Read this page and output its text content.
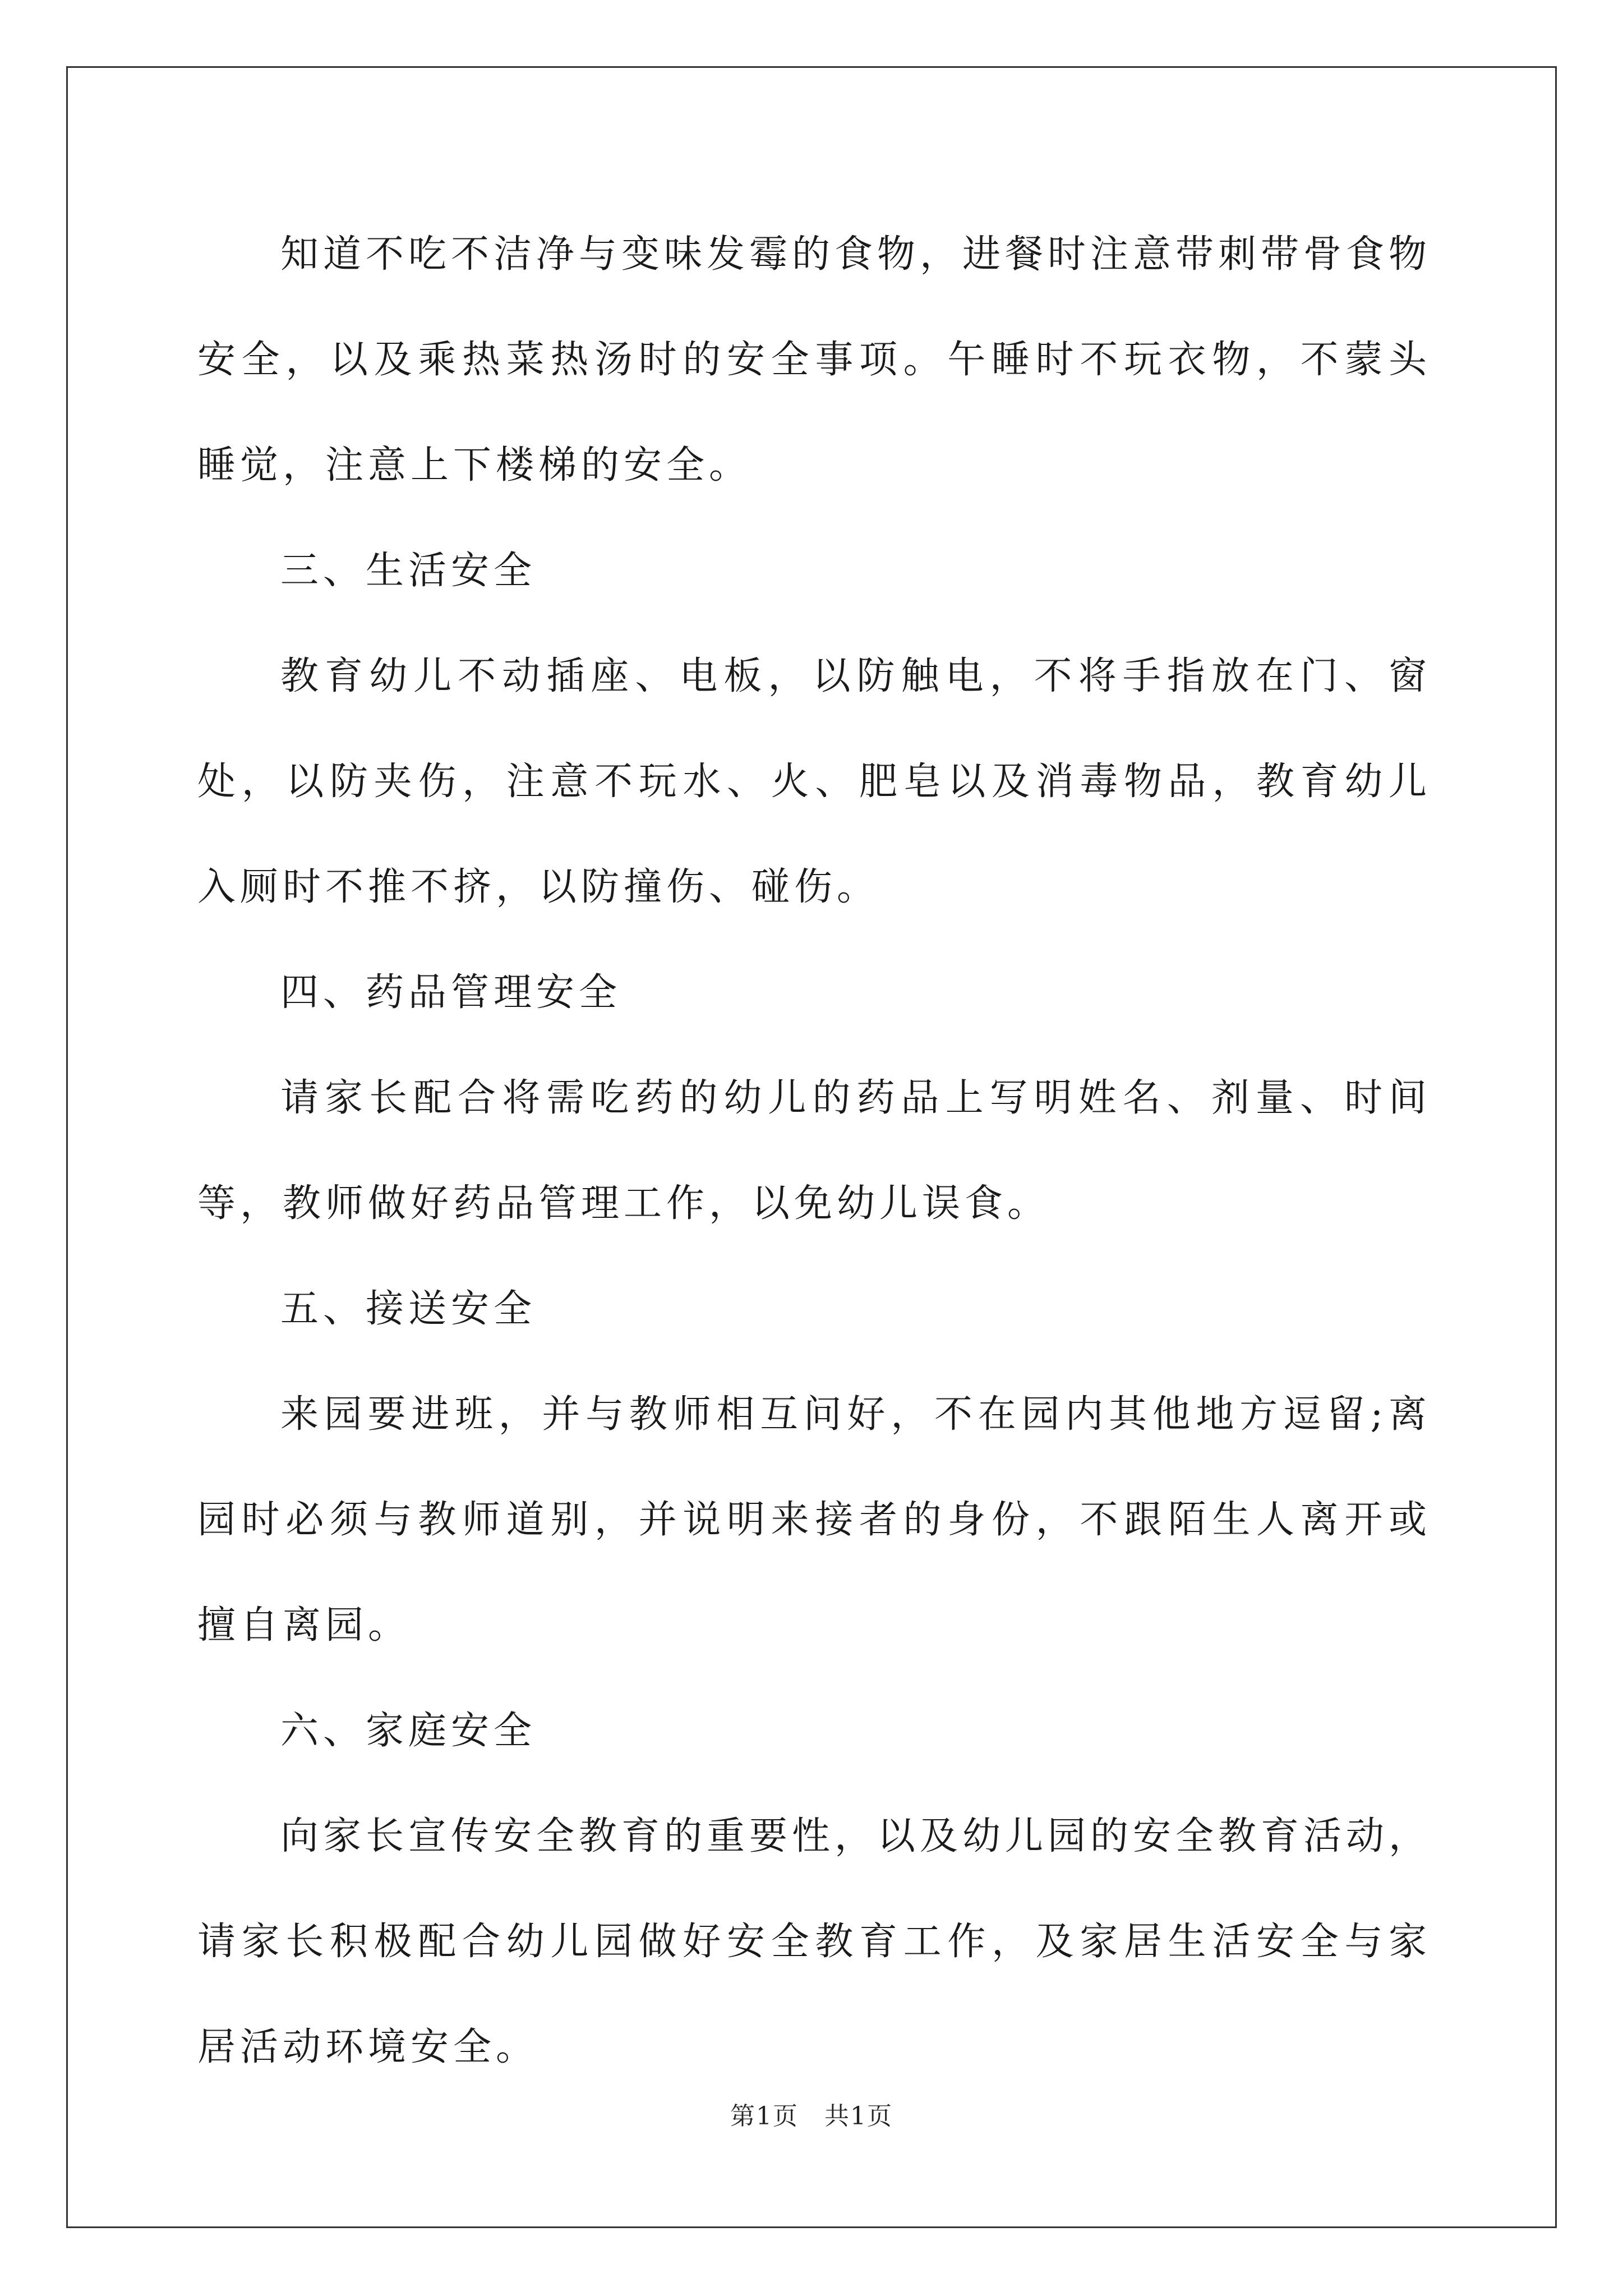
知道不吃不洁净与变味发霉的食物，进餐时注意带刺带骨食物安全，以及乘热菜热汤时的安全事项。午睡时不玩衣物，不蒙头睡觉，注意上下楼梯的安全。

三、生活安全

教育幼儿不动插座、电板，以防触电，不将手指放在门、窗处，以防夹伤，注意不玩水、火、肥皂以及消毒物品，教育幼儿入厕时不推不挤，以防撞伤、碰伤。

四、药品管理安全

请家长配合将需吃药的幼儿的药品上写明姓名、剂量、时间等，教师做好药品管理工作，以免幼儿误食。

五、接送安全

来园要进班，并与教师相互问好，不在园内其他地方逗留;离园时必须与教师道别，并说明来接者的身份，不跟陌生人离开或擅自离园。

六、家庭安全

向家长宣传安全教育的重要性，以及幼儿园的安全教育活动，请家长积极配合幼儿园做好安全教育工作，及家居生活安全与家居活动环境安全。

第1页　共1页
